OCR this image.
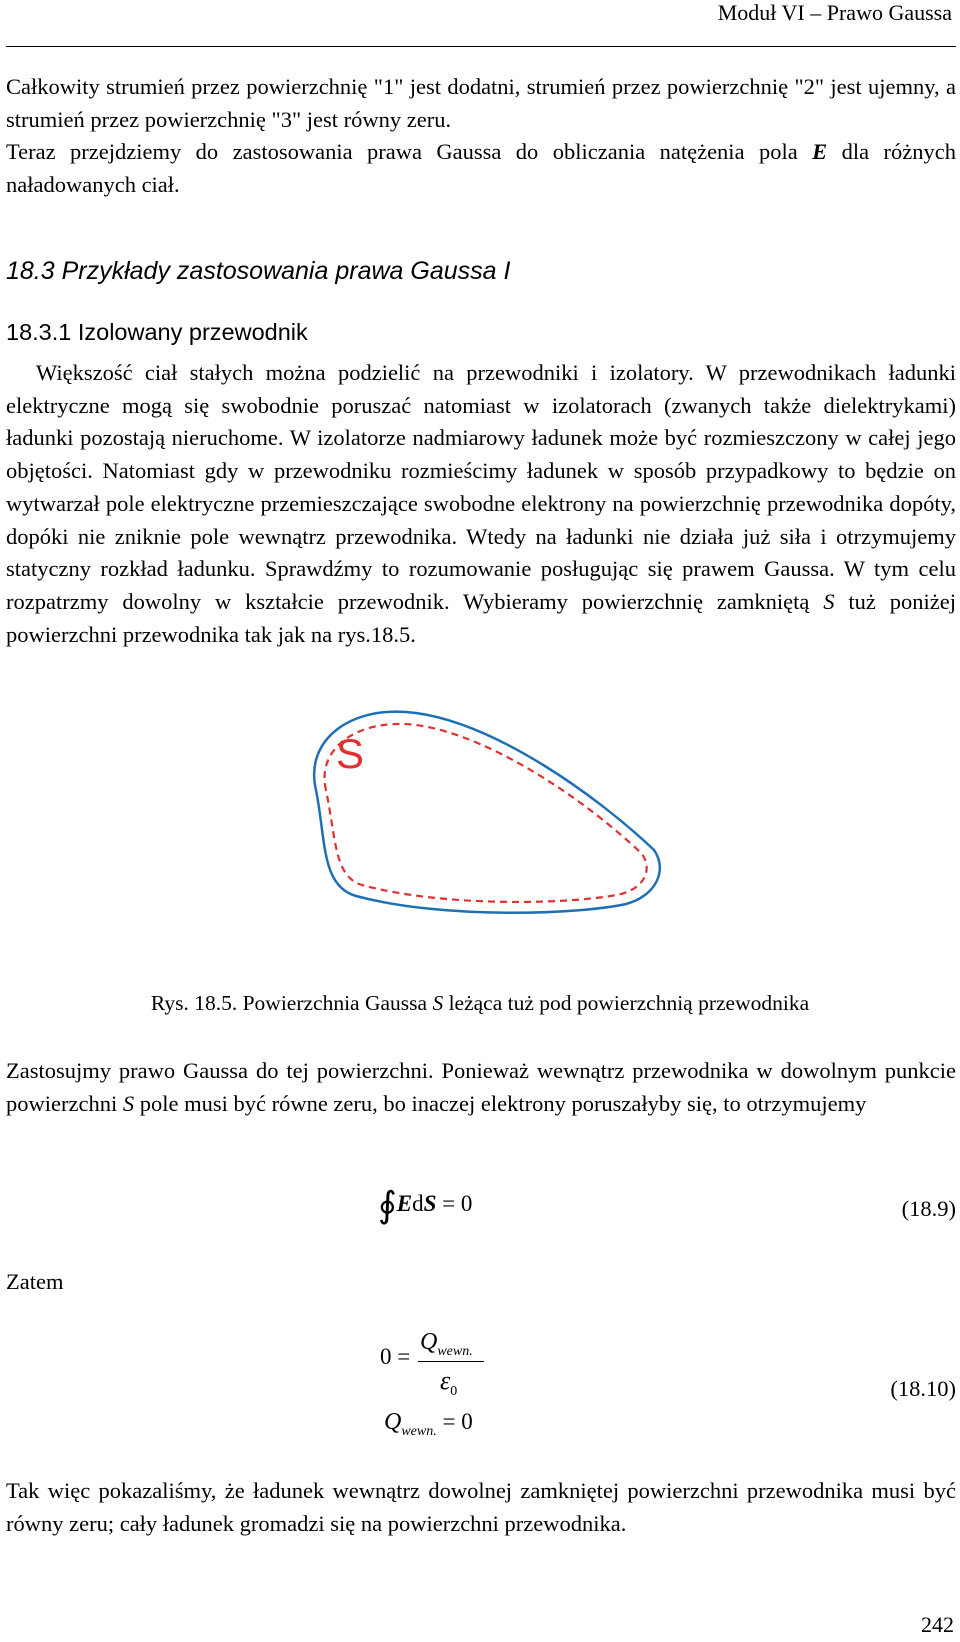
Moduł VI – Prawo Gaussa

Całkowity strumień przez powierzchnię "1" jest dodatni, strumień przez powierzchnię "2" jest ujemny, a strumień przez powierzchnię "3" jest równy zeru.
Teraz przejdziemy do zastosowania prawa Gaussa do obliczania natężenia pola E dla różnych naładowanych ciał.

18.3 Przykłady zastosowania prawa Gaussa I
18.3.1 Izolowany przewodnik

Większość ciał stałych można podzielić na przewodniki i izolatory. W przewodnikach ładunki elektryczne mogą się swobodnie poruszać natomiast w izolatorach (zwanych także dielektrykami) ładunki pozostają nieruchome. W izolatorze nadmiarowy ładunek może być rozmieszczony w całej jego objętości. Natomiast gdy w przewodniku rozmieścimy ładunek w sposób przypadkowy to będzie on wytwarzał pole elektryczne przemieszczające swobodne elektrony na powierzchnię przewodnika dopóty, dopóki nie zniknie pole wewnątrz przewodnika. Wtedy na ładunki nie działa już siła i otrzymujemy statyczny rozkład ładunku. Sprawdźmy to rozumowanie posługując się prawem Gaussa. W tym celu rozpatrzmy dowolny w kształcie przewodnik. Wybieramy powierzchnię zamkniętą S tuż poniżej powierzchni przewodnika tak jak na rys.18.5.

S
Rys. 18.5. Powierzchnia Gaussa S leżąca tuż pod powierzchnią przewodnika

Zastosujmy prawo Gaussa do tej powierzchni. Ponieważ wewnątrz przewodnika w dowolnym punkcie powierzchni S pole musi być równe zeru, bo inaczej elektrony poruszałyby się, to otrzymujemy

∮EdS = 0	(18.9)
Zatem
0 =
$Q_{wewn.}$
$\varepsilon_0$	(18.10)
$Q_{wewn.} = 0$

Tak więc pokazaliśmy, że ładunek wewnątrz dowolnej zamkniętej powierzchni przewodnika musi być równy zeru; cały ładunek gromadzi się na powierzchni przewodnika.

242
